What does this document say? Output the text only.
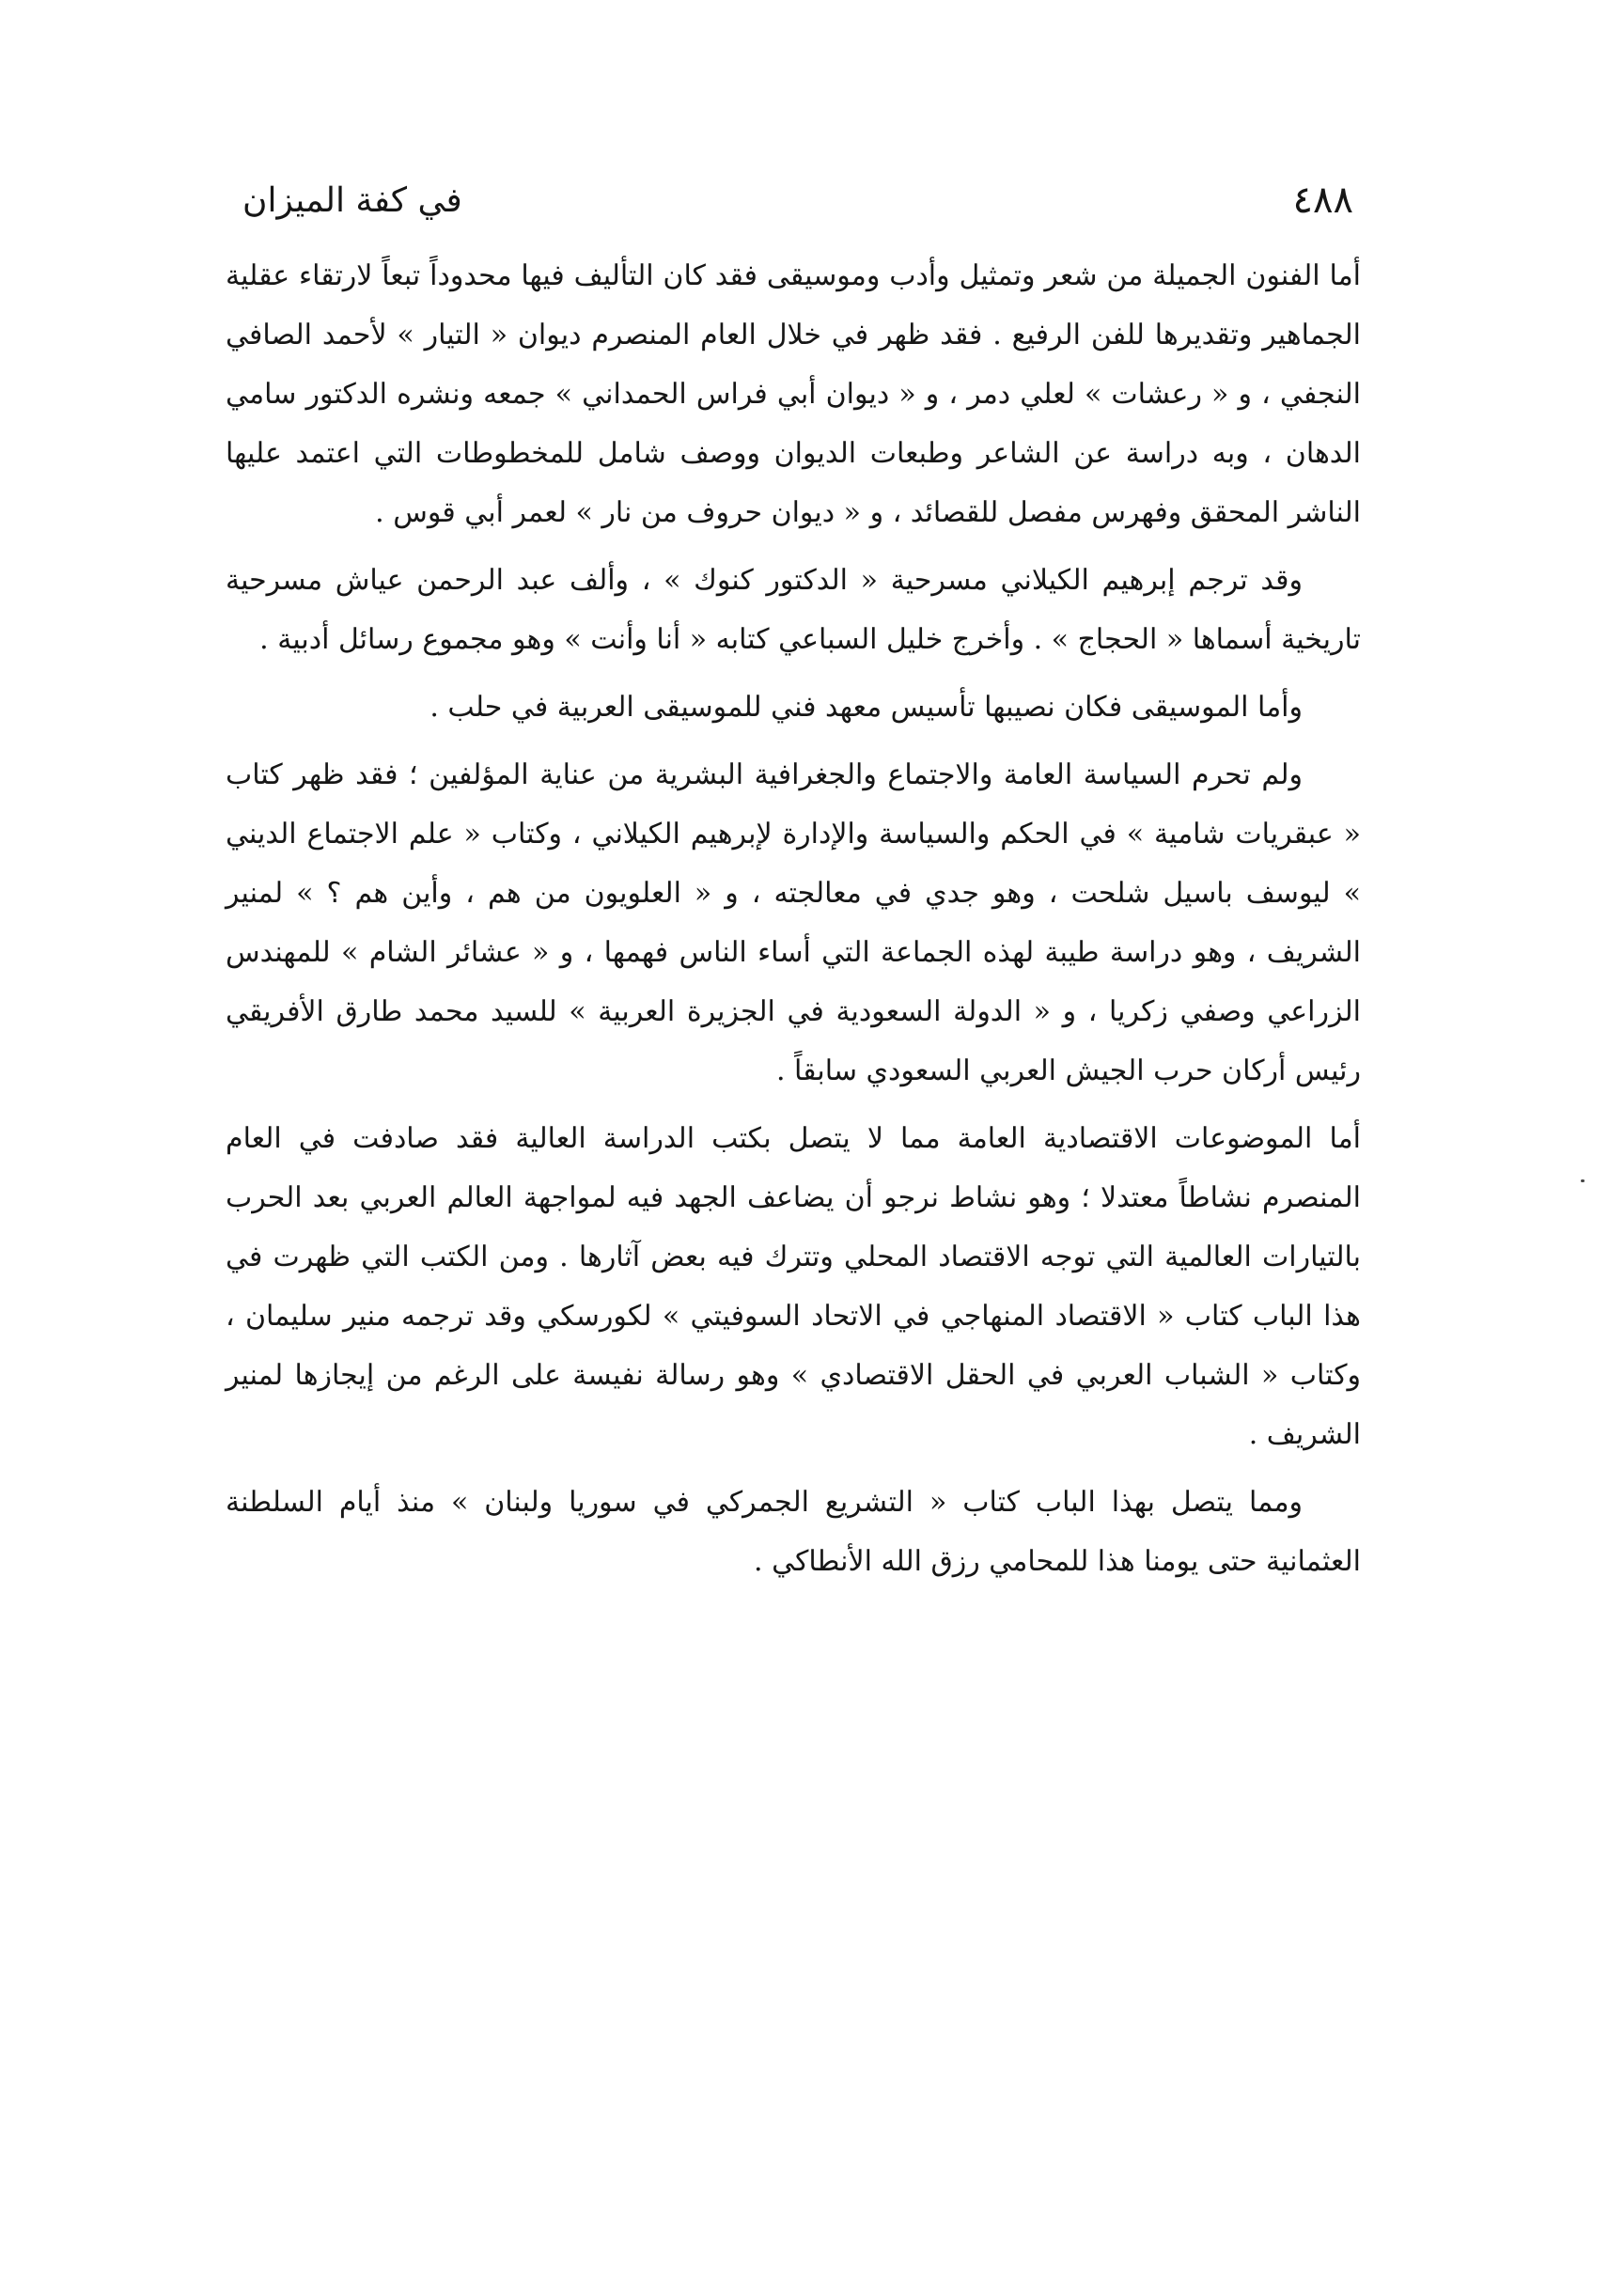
٤٨٨
في كفة الميزان

أما الفنون الجميلة من شعر وتمثيل وأدب وموسيقى فقد كان التأليف فيها محدوداً تبعاً لارتقاء عقلية الجماهير وتقديرها للفن الرفيع . فقد ظهر في خلال العام المنصرم ديوان « التيار » لأحمد الصافي النجفي ، و « رعشات » لعلي دمر ، و « ديوان أبي فراس الحمداني » جمعه ونشره الدكتور سامي الدهان ، وبه دراسة عن الشاعر وطبعات الديوان ووصف شامل للمخطوطات التي اعتمد عليها الناشر المحقق وفهرس مفصل للقصائد ، و « ديوان حروف من نار » لعمر أبي قوس .

وقد ترجم إبرهيم الكيلاني مسرحية « الدكتور كنوك » ، وألف عبد الرحمن عياش مسرحية تاريخية أسماها « الحجاج » . وأخرج خليل السباعي كتابه « أنا وأنت » وهو مجموع رسائل أدبية .

وأما الموسيقى فكان نصيبها تأسيس معهد فني للموسيقى العربية في حلب .

ولم تحرم السياسة العامة والاجتماع والجغرافية البشرية من عناية المؤلفين ؛ فقد ظهر كتاب « عبقريات شامية » في الحكم والسياسة والإدارة لإبرهيم الكيلاني ، وكتاب « علم الاجتماع الديني » ليوسف باسيل شلحت ، وهو جدي في معالجته ، و « العلويون من هم ، وأين هم ؟ » لمنير الشريف ، وهو دراسة طيبة لهذه الجماعة التي أساء الناس فهمها ، و « عشائر الشام » للمهندس الزراعي وصفي زكريا ، و « الدولة السعودية في الجزيرة العربية » للسيد محمد طارق الأفريقي رئيس أركان حرب الجيش العربي السعودي سابقاً .

أما الموضوعات الاقتصادية العامة مما لا يتصل بكتب الدراسة العالية فقد صادفت في العام المنصرم نشاطاً معتدلا ؛ وهو نشاط نرجو أن يضاعف الجهد فيه لمواجهة العالم العربي بعد الحرب بالتيارات العالمية التي توجه الاقتصاد المحلي وتترك فيه بعض آثارها . ومن الكتب التي ظهرت في هذا الباب كتاب « الاقتصاد المنهاجي في الاتحاد السوفيتي » لكورسكي وقد ترجمه منير سليمان ، وكتاب « الشباب العربي في الحقل الاقتصادي » وهو رسالة نفيسة على الرغم من إيجازها لمنير الشريف .

ومما يتصل بهذا الباب كتاب « التشريع الجمركي في سوريا ولبنان » منذ أيام السلطنة العثمانية حتى يومنا هذا للمحامي رزق الله الأنطاكي .
